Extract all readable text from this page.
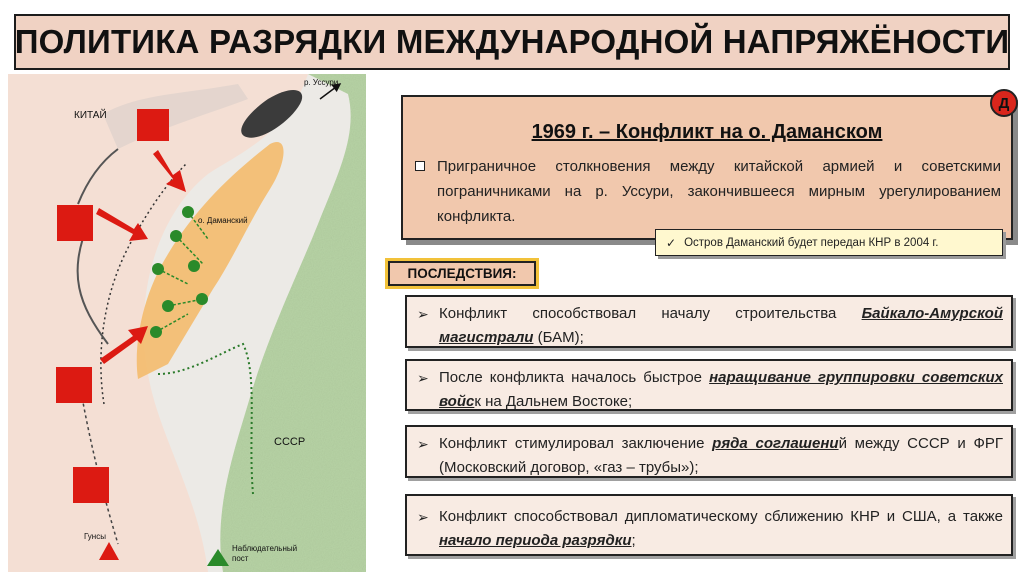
ПОЛИТИКА РАЗРЯДКИ МЕЖДУНАРОДНОЙ НАПРЯЖЁНОСТИ
КИТАЙ
р. Уссури
о. Даманский
СССР
Гунсы
Наблюдательный пост
1969 г. – Конфликт на о. Даманском
Приграничное столкновения между китайской армией и советскими пограничниками на р. Уссури, закончившееся мирным урегулированием конфликта.
Д
✓ Остров Даманский будет передан КНР в 2004 г.
ПОСЛЕДСТВИЯ:
➢ Конфликт способствовал началу строительства Байкало-Амурской магистрали (БАМ);
➢ После конфликта началось быстрое наращивание группировки советских войск на Дальнем Востоке;
➢ Конфликт стимулировал заключение ряда соглашений между СССР и ФРГ (Московский договор, «газ – трубы»);
➢ Конфликт способствовал дипломатическому сближению КНР и США, а также начало периода разрядки;
